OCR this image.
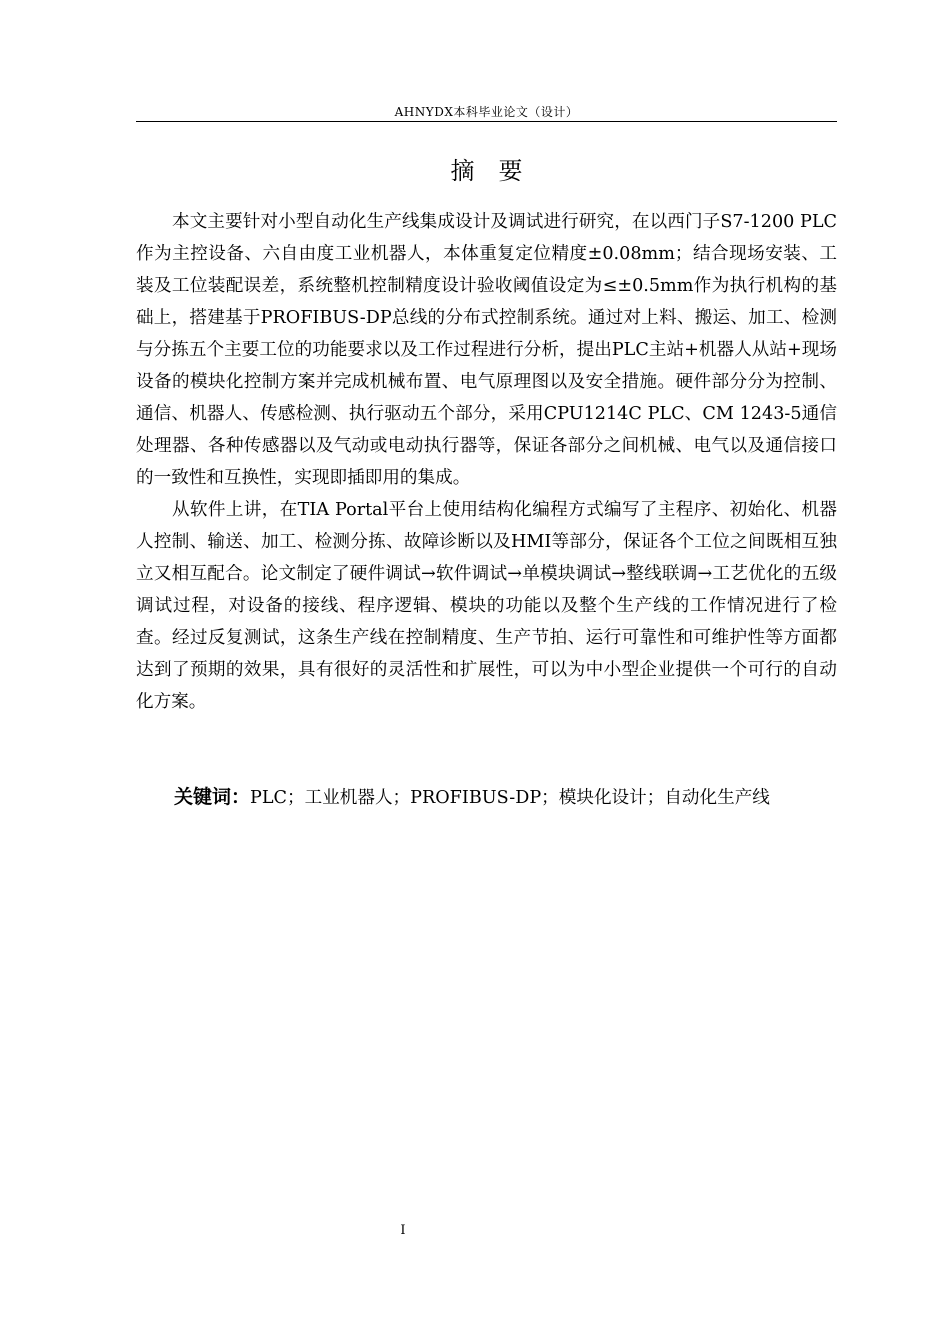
AHNYDX本科毕业论文（设计）
摘要

本文主要针对小型自动化生产线集成设计及调试进行研究，在以西门子S7-1200 PLC作为主控设备、六自由度工业机器人，本体重复定位精度±0.08mm；结合现场安装、工装及工位装配误差，系统整机控制精度设计验收阈值设定为≤±0.5mm作为执行机构的基础上，搭建基于PROFIBUS-DP总线的分布式控制系统。通过对上料、搬运、加工、检测与分拣五个主要工位的功能要求以及工作过程进行分析，提出PLC主站+机器人从站+现场设备的模块化控制方案并完成机械布置、电气原理图以及安全措施。硬件部分分为控制、通信、机器人、传感检测、执行驱动五个部分，采用CPU1214C PLC、CM 1243-5通信处理器、各种传感器以及气动或电动执行器等，保证各部分之间机械、电气以及通信接口的一致性和互换性，实现即插即用的集成。

从软件上讲，在TIA Portal平台上使用结构化编程方式编写了主程序、初始化、机器人控制、输送、加工、检测分拣、故障诊断以及HMI等部分，保证各个工位之间既相互独立又相互配合。论文制定了硬件调试→软件调试→单模块调试→整线联调→工艺优化的五级调试过程，对设备的接线、程序逻辑、模块的功能以及整个生产线的工作情况进行了检查。经过反复测试，这条生产线在控制精度、生产节拍、运行可靠性和可维护性等方面都达到了预期的效果，具有很好的灵活性和扩展性，可以为中小型企业提供一个可行的自动化方案。

关键词：PLC；工业机器人；PROFIBUS-DP；模块化设计；自动化生产线
I
